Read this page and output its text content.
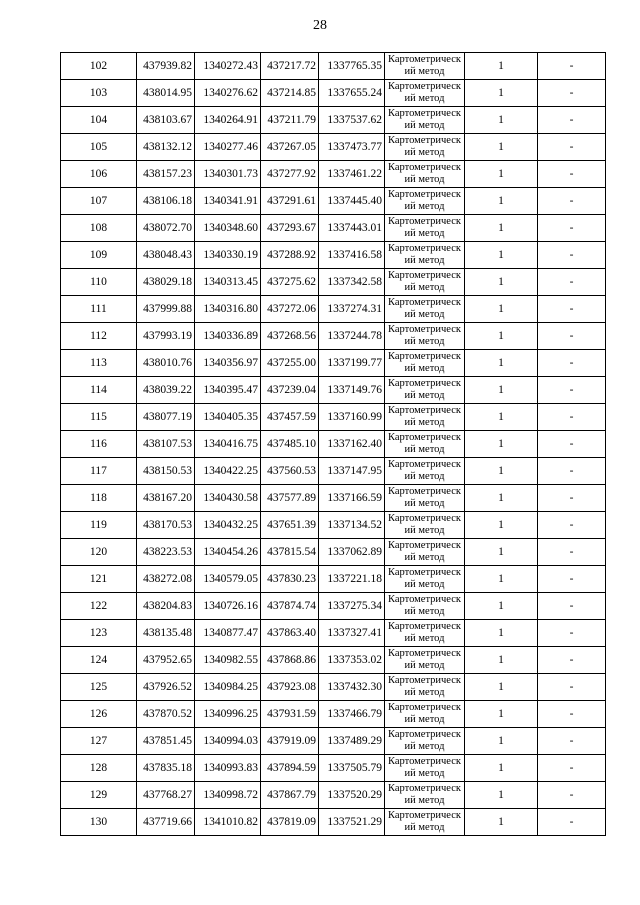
28
102	437939.82	1340272.43	437217.72	1337765.35	Картометрический метод	1	-
103	438014.95	1340276.62	437214.85	1337655.24	Картометрический метод	1	-
104	438103.67	1340264.91	437211.79	1337537.62	Картометрический метод	1	-
105	438132.12	1340277.46	437267.05	1337473.77	Картометрический метод	1	-
106	438157.23	1340301.73	437277.92	1337461.22	Картометрический метод	1	-
107	438106.18	1340341.91	437291.61	1337445.40	Картометрический метод	1	-
108	438072.70	1340348.60	437293.67	1337443.01	Картометрический метод	1	-
109	438048.43	1340330.19	437288.92	1337416.58	Картометрический метод	1	-
110	438029.18	1340313.45	437275.62	1337342.58	Картометрический метод	1	-
111	437999.88	1340316.80	437272.06	1337274.31	Картометрический метод	1	-
112	437993.19	1340336.89	437268.56	1337244.78	Картометрический метод	1	-
113	438010.76	1340356.97	437255.00	1337199.77	Картометрический метод	1	-
114	438039.22	1340395.47	437239.04	1337149.76	Картометрический метод	1	-
115	438077.19	1340405.35	437457.59	1337160.99	Картометрический метод	1	-
116	438107.53	1340416.75	437485.10	1337162.40	Картометрический метод	1	-
117	438150.53	1340422.25	437560.53	1337147.95	Картометрический метод	1	-
118	438167.20	1340430.58	437577.89	1337166.59	Картометрический метод	1	-
119	438170.53	1340432.25	437651.39	1337134.52	Картометрический метод	1	-
120	438223.53	1340454.26	437815.54	1337062.89	Картометрический метод	1	-
121	438272.08	1340579.05	437830.23	1337221.18	Картометрический метод	1	-
122	438204.83	1340726.16	437874.74	1337275.34	Картометрический метод	1	-
123	438135.48	1340877.47	437863.40	1337327.41	Картометрический метод	1	-
124	437952.65	1340982.55	437868.86	1337353.02	Картометрический метод	1	-
125	437926.52	1340984.25	437923.08	1337432.30	Картометрический метод	1	-
126	437870.52	1340996.25	437931.59	1337466.79	Картометрический метод	1	-
127	437851.45	1340994.03	437919.09	1337489.29	Картометрический метод	1	-
128	437835.18	1340993.83	437894.59	1337505.79	Картометрический метод	1	-
129	437768.27	1340998.72	437867.79	1337520.29	Картометрический метод	1	-
130	437719.66	1341010.82	437819.09	1337521.29	Картометрический метод	1	-
